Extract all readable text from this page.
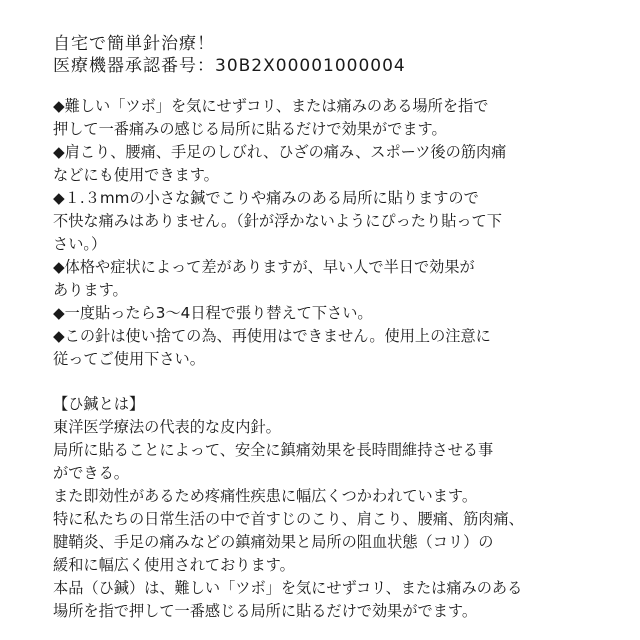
自宅で簡単針治療！

医療機器承認番号：30B2X00001000004

◆難しい「ツボ」を気にせずコリ、または痛みのある場所を指で

押して一番痛みの感じる局所に貼るだけで効果がでます。

◆肩こり、腰痛、手足のしびれ、ひざの痛み、スポーツ後の筋肉痛

などにも使用できます。

◆１.３mmの小さな鍼でこりや痛みのある局所に貼りますので

不快な痛みはありません。（針が浮かないようにぴったり貼って下

さい。）

◆体格や症状によって差がありますが、早い人で半日で効果が

あります。

◆一度貼ったら3～4日程で張り替えて下さい。

◆この針は使い捨ての為、再使用はできません。使用上の注意に

従ってご使用下さい。

【ひ鍼とは】

東洋医学療法の代表的な皮内針。

局所に貼ることによって、安全に鎮痛効果を長時間維持させる事

ができる。

また即効性があるため疼痛性疾患に幅広くつかわれています。

特に私たちの日常生活の中で首すじのこり、肩こり、腰痛、筋肉痛、

腱鞘炎、手足の痛みなどの鎮痛効果と局所の阻血状態（コリ）の

緩和に幅広く使用されております。

本品（ひ鍼）は、難しい「ツボ」を気にせずコリ、または痛みのある

場所を指で押して一番感じる局所に貼るだけで効果がでます。
